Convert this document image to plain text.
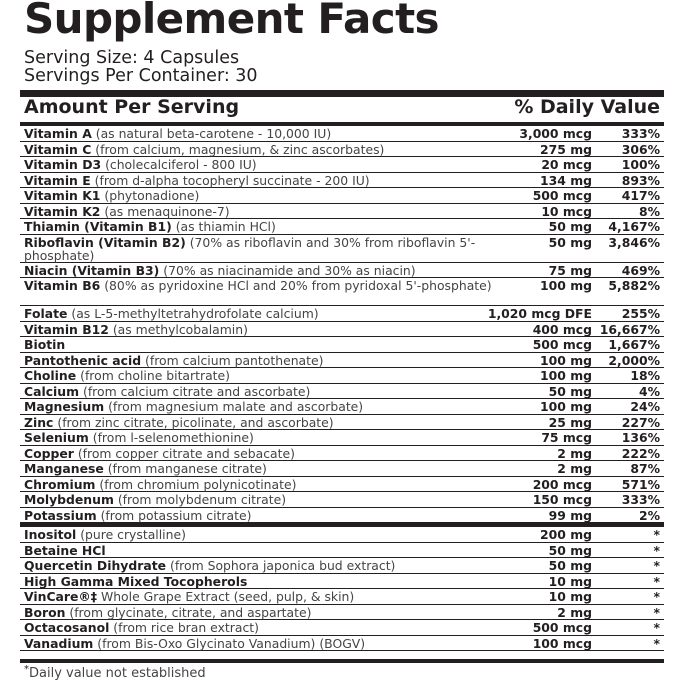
Supplement Facts
Serving Size: 4 Capsules
Servings Per Container: 30
Amount Per Serving	% Daily Value
Vitamin A (as natural beta-carotene - 10,000 IU)	3,000 mcg 333%
Vitamin C (from calcium, magnesium, & zinc ascorbates)	275 mg 306%
Vitamin D3 (cholecalciferol - 800 IU)	20 mcg 100%
Vitamin E (from d-alpha tocopheryl succinate - 200 IU)	134 mg 893%
Vitamin K1 (phytonadione)	500 mcg 417%
Vitamin K2 (as menaquinone-7)	10 mcg	8%
Thiamin (Vitamin B1) (as thiamin HCl)	50 mg 4,167%
Riboflavin (Vitamin B2) (70% as riboflavin and 30% from riboflavin 5'-phosphate)
50 mg 3,846%
Niacin (Vitamin B3) (70% as niacinamide and 30% as niacin)	75 mg 469%
Vitamin B6 (80% as pyridoxine HCl and 20% from pyridoxal 5'-phosphate)	100 mg 5,882%
Folate (as L-5-methyltetrahydrofolate calcium)	1,020 mcg DFE 255%
Vitamin B12 (as methylcobalamin)	400 mcg 16,667%
Biotin	500 mcg 1,667%
Pantothenic acid (from calcium pantothenate)	100 mg 2,000%
Choline (from choline bitartrate)	100 mg	18%
Calcium (from calcium citrate and ascorbate)	50 mg	4%
Magnesium (from magnesium malate and ascorbate)	100 mg	24%
Zinc (from zinc citrate, picolinate, and ascorbate)	25 mg 227%
Selenium (from l-selenomethionine)	75 mcg 136%
Copper (from copper citrate and sebacate)	2 mg 222%
Manganese (from manganese citrate)	2 mg	87%
Chromium (from chromium polynicotinate)	200 mcg 571%
Molybdenum (from molybdenum citrate)	150 mcg 333%
Potassium (from potassium citrate)	99 mg	2%
Inositol (pure crystalline)	200 mg	*
Betaine HCl	50 mg	*
Quercetin Dihydrate (from Sophora japonica bud extract)	50 mg	*
High Gamma Mixed Tocopherols	10 mg	*
VinCare®‡ Whole Grape Extract (seed, pulp, & skin)	10 mg	*
Boron (from glycinate, citrate, and aspartate)	2 mg	*
Octacosanol (from rice bran extract)	500 mcg	*
Vanadium (from Bis-Oxo Glycinato Vanadium) (BOGV)	100 mcg	*
*Daily value not established
